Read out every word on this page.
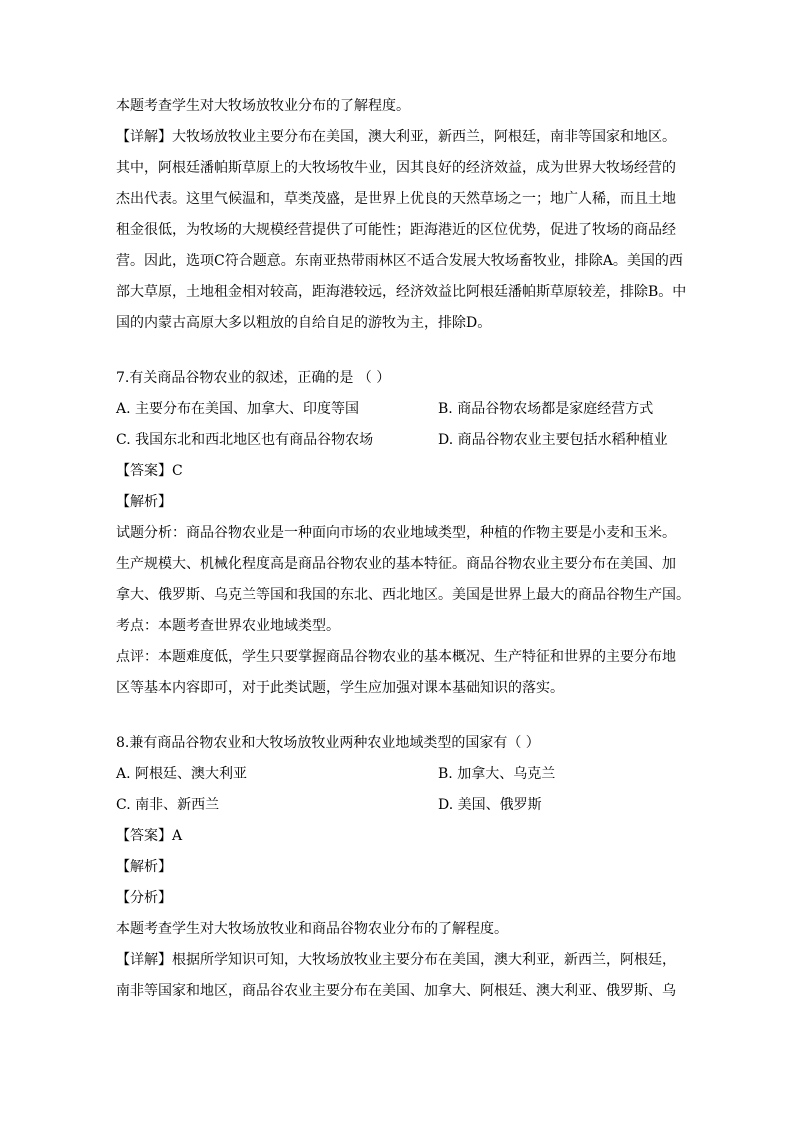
本题考查学生对大牧场放牧业分布的了解程度。
【详解】大牧场放牧业主要分布在美国，澳大利亚，新西兰，阿根廷，南非等国家和地区。
其中，阿根廷潘帕斯草原上的大牧场牧牛业，因其良好的经济效益，成为世界大牧场经营的
杰出代表。这里气候温和，草类茂盛，是世界上优良的天然草场之一；地广人稀，而且土地
租金很低，为牧场的大规模经营提供了可能性；距海港近的区位优势，促进了牧场的商品经
营。因此，选项C符合题意。东南亚热带雨林区不适合发展大牧场畜牧业，排除A。美国的西
部大草原，土地租金相对较高，距海港较远，经济效益比阿根廷潘帕斯草原较差，排除B。中
国的内蒙古高原大多以粗放的自给自足的游牧为主，排除D。
7.有关商品谷物农业的叙述，正确的是 （ ）
A. 主要分布在美国、加拿大、印度等国	B. 商品谷物农场都是家庭经营方式
C. 我国东北和西北地区也有商品谷物农场	D. 商品谷物农业主要包括水稻种植业
【答案】C
【解析】
试题分析：商品谷物农业是一种面向市场的农业地域类型，种植的作物主要是小麦和玉米。
生产规模大、机械化程度高是商品谷物农业的基本特征。商品谷物农业主要分布在美国、加
拿大、俄罗斯、乌克兰等国和我国的东北、西北地区。美国是世界上最大的商品谷物生产国。
考点：本题考查世界农业地域类型。
点评：本题难度低，学生只要掌握商品谷物农业的基本概况、生产特征和世界的主要分布地
区等基本内容即可，对于此类试题，学生应加强对课本基础知识的落实。
8.兼有商品谷物农业和大牧场放牧业两种农业地域类型的国家有（ ）
A. 阿根廷、澳大利亚	B. 加拿大、乌克兰
C. 南非、新西兰	D. 美国、俄罗斯
【答案】A
【解析】
【分析】
本题考查学生对大牧场放牧业和商品谷物农业分布的了解程度。
【详解】根据所学知识可知，大牧场放牧业主要分布在美国，澳大利亚，新西兰，阿根廷，
南非等国家和地区，商品谷农业主要分布在美国、加拿大、阿根廷、澳大利亚、俄罗斯、乌
